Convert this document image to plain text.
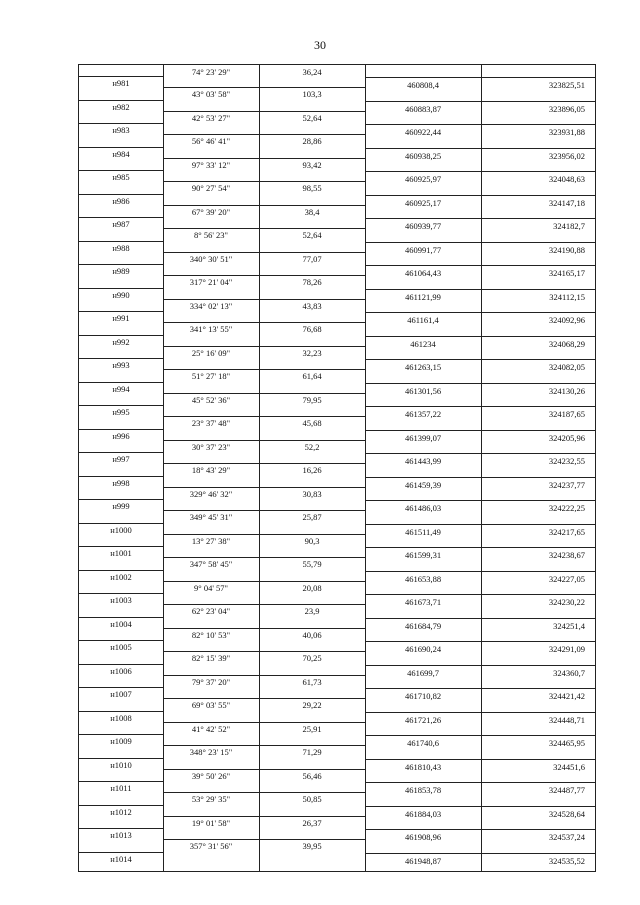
30
74° 23' 29"	36,24
н981	460808,4	323825,51
43° 03' 58"	103,3
н982	460883,87	323896,05
42° 53' 27"	52,64
н983	460922,44	323931,88
56° 46' 41"	28,86
н984	460938,25	323956,02
97° 33' 12"	93,42
н985	460925,97	324048,63
90° 27' 54"	98,55
н986	460925,17	324147,18
67° 39' 20"	38,4
н987	460939,77	324182,7
8° 56' 23"	52,64
н988	460991,77	324190,88
340° 30' 51"	77,07
н989	461064,43	324165,17
317° 21' 04"	78,26
н990	461121,99	324112,15
334° 02' 13"	43,83
н991	461161,4	324092,96
341° 13' 55"	76,68
н992	461234	324068,29
25° 16' 09"	32,23
н993	461263,15	324082,05
51° 27' 18"	61,64
н994	461301,56	324130,26
45° 52' 36"	79,95
н995	461357,22	324187,65
23° 37' 48"	45,68
н996	461399,07	324205,96
30° 37' 23"	52,2
н997	461443,99	324232,55
18° 43' 29"	16,26
н998	461459,39	324237,77
329° 46' 32"	30,83
н999	461486,03	324222,25
349° 45' 31"	25,87
н1000	461511,49	324217,65
13° 27' 38"	90,3
н1001	461599,31	324238,67
347° 58' 45"	55,79
н1002	461653,88	324227,05
9° 04' 57"	20,08
н1003	461673,71	324230,22
62° 23' 04"	23,9
н1004	461684,79	324251,4
82° 10' 53"	40,06
н1005	461690,24	324291,09
82° 15' 39"	70,25
н1006	461699,7	324360,7
79° 37' 20"	61,73
н1007	461710,82	324421,42
69° 03' 55"	29,22
н1008	461721,26	324448,71
41° 42' 52"	25,91
н1009	461740,6	324465,95
348° 23' 15"	71,29
н1010	461810,43	324451,6
39° 50' 26"	56,46
н1011	461853,78	324487,77
53° 29' 35"	50,85
н1012	461884,03	324528,64
19° 01' 58"	26,37
н1013	461908,96	324537,24
357° 31' 56"	39,95
н1014	461948,87	324535,52
